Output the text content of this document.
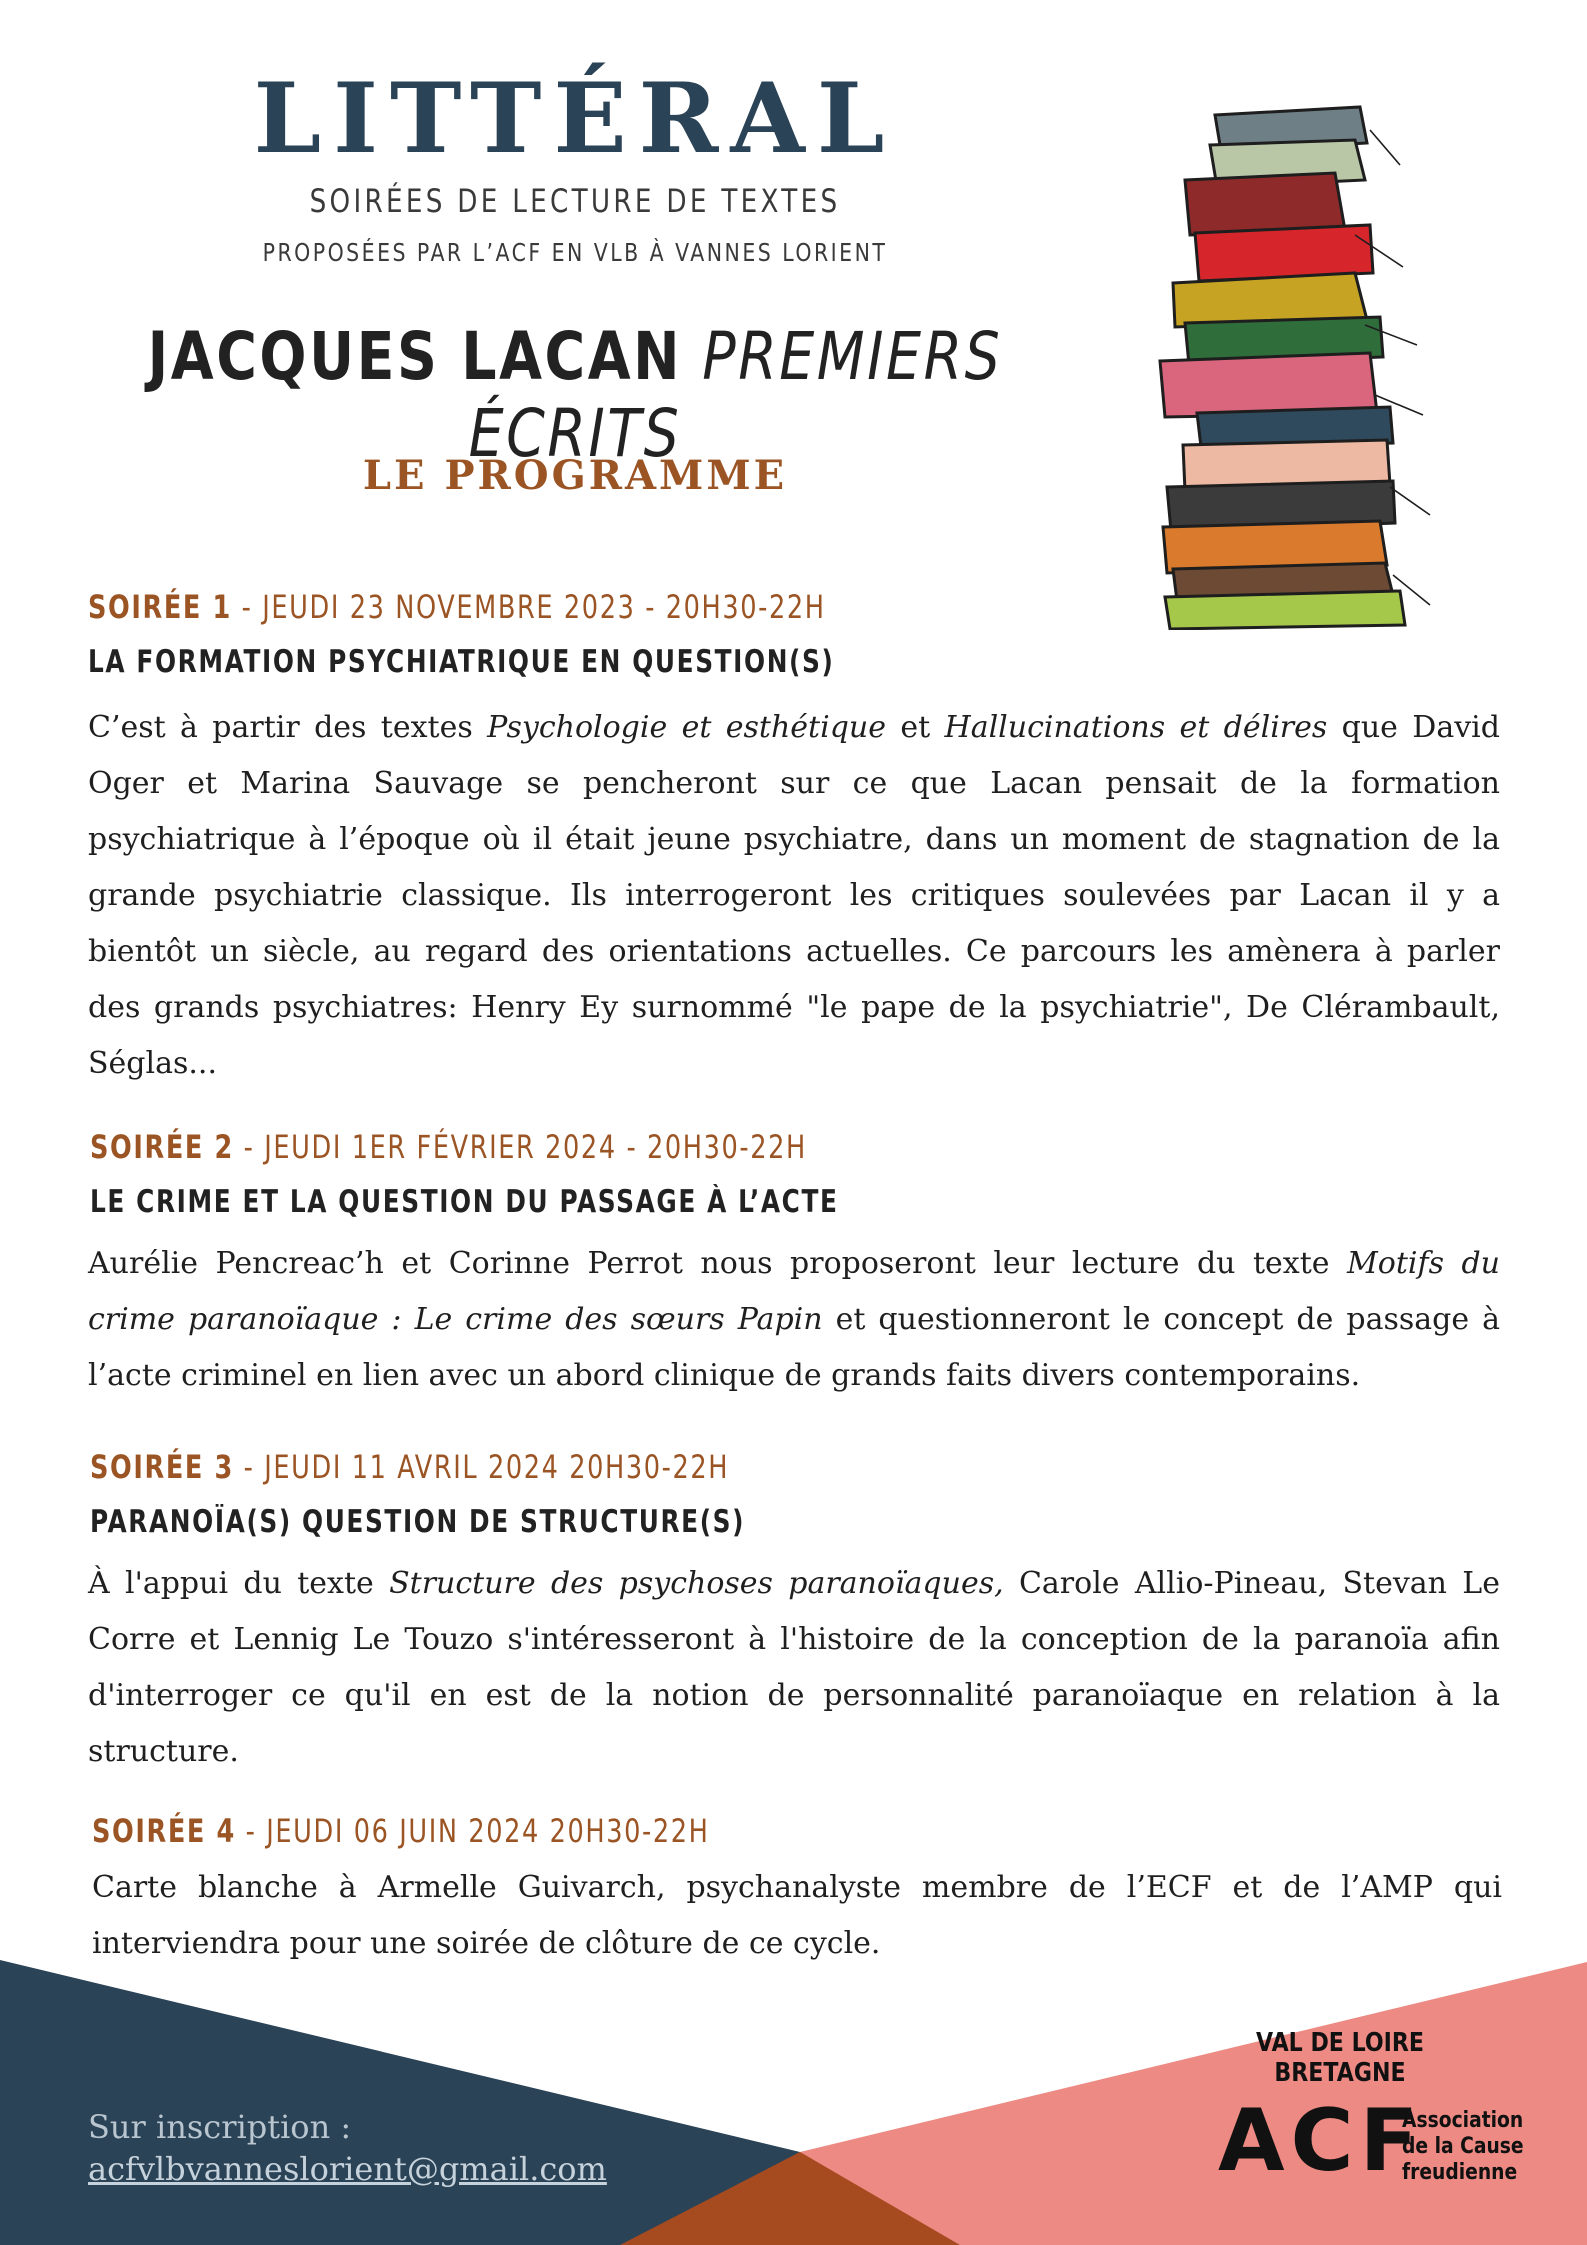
LITTÉRAL
SOIRÉES DE LECTURE DE TEXTES
PROPOSÉES PAR L’ACF EN VLB À VANNES LORIENT
JACQUES LACAN PREMIERS ÉCRITS
LE PROGRAMME
SOIRÉE 1 - JEUDI 23 NOVEMBRE 2023 - 20H30-22H
LA FORMATION PSYCHIATRIQUE EN QUESTION(S)
C’est à partir des textes Psychologie et esthétique et Hallucinations et délires que David Oger et Marina Sauvage se pencheront sur ce que Lacan pensait de la formation psychiatrique à l’époque où il était jeune psychiatre, dans un moment de stagnation de la grande psychiatrie classique. Ils interrogeront les critiques soulevées par Lacan il y a bientôt un siècle, au regard des orientations actuelles. Ce parcours les amènera à parler des grands psychiatres: Henry Ey surnommé "le pape de la psychiatrie", De Clérambault, Séglas...
SOIRÉE 2 - JEUDI 1ER FÉVRIER 2024 - 20H30-22H
LE CRIME ET LA QUESTION DU PASSAGE À L’ACTE
Aurélie Pencreac’h et Corinne Perrot nous proposeront leur lecture du texte Motifs du crime paranoïaque : Le crime des sœurs Papin et questionneront le concept de passage à l’acte criminel en lien avec un abord clinique de grands faits divers contemporains.
SOIRÉE 3 - JEUDI 11 AVRIL 2024 20H30-22H
PARANOÏA(S) QUESTION DE STRUCTURE(S)
À l'appui du texte Structure des psychoses paranoïaques, Carole Allio-Pineau, Stevan Le Corre et Lennig Le Touzo s'intéresseront à l'histoire de la conception de la paranoïa afin d'interroger ce qu'il en est de la notion de personnalité paranoïaque en relation à la structure.
SOIRÉE 4 - JEUDI 06 JUIN 2024 20H30-22H
Carte blanche à Armelle Guivarch, psychanalyste membre de l’ECF et de l’AMP qui interviendra pour une soirée de clôture de ce cycle.
Sur inscription :
acfvlbvanneslorient@gmail.com
VAL DE LOIRE
BRETAGNE
ACF
Association
de la Cause
freudienne
